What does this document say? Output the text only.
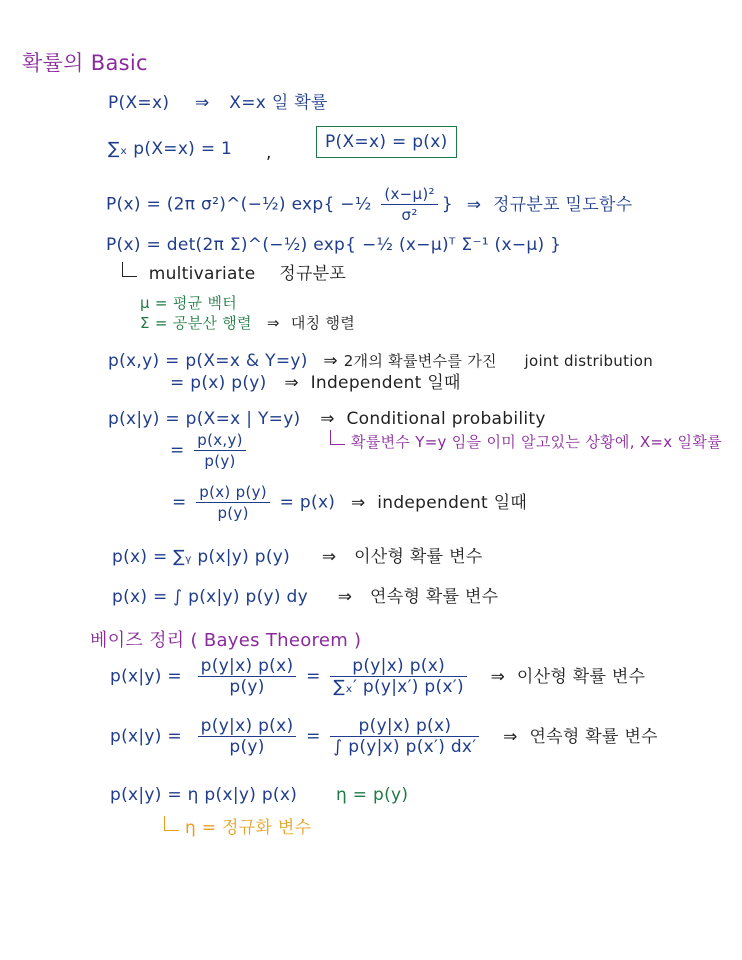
확률의 Basic
P(X=x) ⇒ X=x 일 확률
∑ₓ p(X=x) = 1 ,
P(X=x) = p(x)
P(x) = (2π σ²)^(−½) exp{ −½ $\frac{\text{(x−μ)²}}{\text{σ²}}$ } ⇒ 정규분포 밀도함수
P(x) = det(2π Σ)^(−½) exp{ −½ (x−μ)ᵀ Σ⁻¹ (x−μ) }
multivariate 정규분포
μ = 평균 벡터
Σ = 공분산 행렬 ⇒ 대칭 행렬
p(x,y) = p(X=x & Y=y) ⇒ 2개의 확률변수를 가진 joint distribution
= p(x) p(y) ⇒ Independent 일때
p(x|y) = p(X=x | Y=y) ⇒ Conditional probability
= $\frac{p(x,y)}{p(y)}$	확률변수 Y=y 임을 이미 알고있는 상황에, X=x 일확률
= $\frac{p(x) p(y)}{p(y)} = p(x)$ ⇒ independent 일때
p(x) = ∑ᵧ p(x|y) p(y) ⇒ 이산형 확률 변수
p(x) = ∫ p(x|y) p(y) dy ⇒ 연속형 확률 변수
베이즈 정리 ( Bayes Theorem )
$p(x|y) = \frac{p(y|x) p(x)}{p(y)} = \frac{p(y|x) p(x)}{\text{∑ₓ′ p(y|x′) p(x′)}}$ ⇒ 이산형 확률 변수
$p(x|y) = \frac{p(y|x) p(x)}{p(y)} = \frac{p(y|x) p(x)}{\int p(y|x) p(x') dx'}$ ⇒ 연속형 확률 변수
p(x|y) = η p(x|y) p(x) η = p(y)
η = 정규화 변수
